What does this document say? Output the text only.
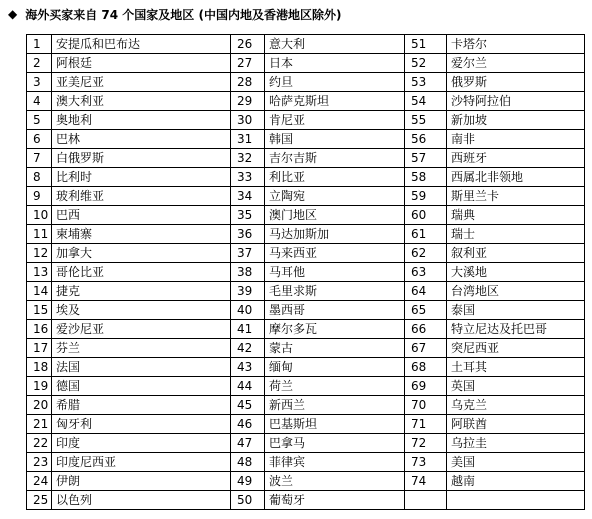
◆ 海外买家来自 74 个国家及地区 (中国内地及香港地区除外)
1	安提瓜和巴布达	26	意大利	51	卡塔尔
2	阿根廷	27	日本	52	爱尔兰
3	亚美尼亚	28	约旦	53	俄罗斯
4	澳大利亚	29	哈萨克斯坦	54	沙特阿拉伯
5	奥地利	30	肯尼亚	55	新加坡
6	巴林	31	韩国	56	南非
7	白俄罗斯	32	吉尔吉斯	57	西班牙
8	比利时	33	利比亚	58	西属北非领地
9	玻利维亚	34	立陶宛	59	斯里兰卡
10	巴西	35	澳门地区	60	瑞典
11	柬埔寨	36	马达加斯加	61	瑞士
12	加拿大	37	马来西亚	62	叙利亚
13	哥伦比亚	38	马耳他	63	大溪地
14	捷克	39	毛里求斯	64	台湾地区
15	埃及	40	墨西哥	65	泰国
16	爱沙尼亚	41	摩尔多瓦	66	特立尼达及托巴哥
17	芬兰	42	蒙古	67	突尼西亚
18	法国	43	缅甸	68	土耳其
19	德国	44	荷兰	69	英国
20	希腊	45	新西兰	70	乌克兰
21	匈牙利	46	巴基斯坦	71	阿联酋
22	印度	47	巴拿马	72	乌拉圭
23	印度尼西亚	48	菲律宾	73	美国
24	伊朗	49	波兰	74	越南
25	以色列	50	葡萄牙		
